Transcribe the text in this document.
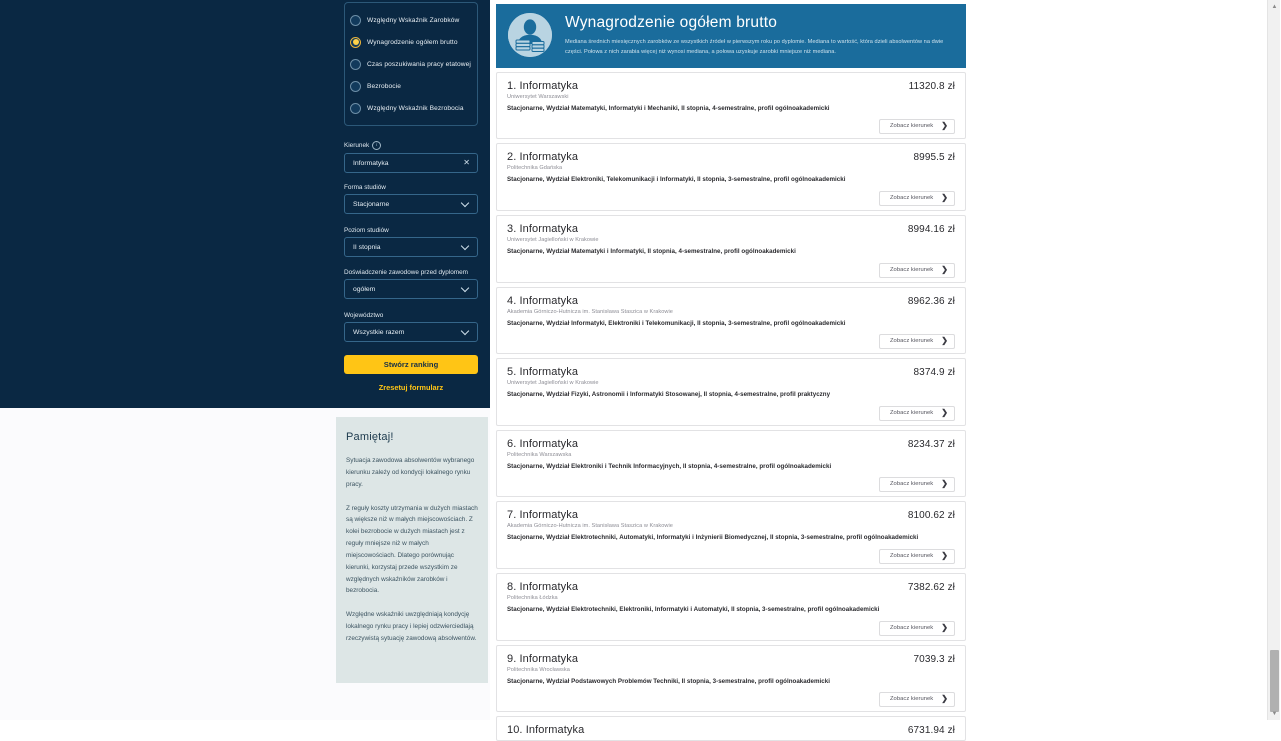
Względny Wskaźnik Zarobków
Wynagrodzenie ogółem brutto
Czas poszukiwania pracy etatowej
Bezrobocie
Względny Wskaźnik Bezrobocia
Kierunek	i
Informatyka	✕
Forma studiów
Stacjonarne
Poziom studiów
II stopnia
Doświadczenie zawodowe przed dyplomem
ogółem
Województwo
Wszystkie razem
Stwórz ranking
Zresetuj formularz
Pamiętaj!

Sytuacja zawodowa absolwentów wybranego kierunku zależy od kondycji lokalnego rynku pracy.

Z reguły koszty utrzymania w dużych miastach są większe niż w małych miejscowościach. Z kolei bezrobocie w dużych miastach jest z reguły mniejsze niż w małych miejscowościach. Dlatego porównując kierunki, korzystaj przede wszystkim ze względnych wskaźników zarobków i bezrobocia.

Względne wskaźniki uwzględniają kondycję lokalnego rynku pracy i lepiej odzwierciedlają rzeczywistą sytuację zawodową absolwentów.

Wynagrodzenie ogółem brutto
Mediana średnich miesięcznych zarobków ze wszystkich źródeł w pierwszym roku po dyplomie. Mediana to wartość, która dzieli absolwentów na dwie części. Połowa z nich zarabia więcej niż wynosi mediana, a połowa uzyskuje zarobki mniejsze niż mediana.
1. Informatyka	11320.8 zł
Uniwersytet Warszawski
Stacjonarne, Wydział Matematyki, Informatyki i Mechaniki, II stopnia, 4-semestralne, profil ogólnoakademicki
Zobacz kierunek ❯
2. Informatyka	8995.5 zł
Politechnika Gdańska
Stacjonarne, Wydział Elektroniki, Telekomunikacji i Informatyki, II stopnia, 3-semestralne, profil ogólnoakademicki
Zobacz kierunek ❯
3. Informatyka	8994.16 zł
Uniwersytet Jagielloński w Krakowie
Stacjonarne, Wydział Matematyki i Informatyki, II stopnia, 4-semestralne, profil ogólnoakademicki
Zobacz kierunek ❯
4. Informatyka	8962.36 zł
Akademia Górniczo-Hutnicza im. Stanisława Staszica w Krakowie
Stacjonarne, Wydział Informatyki, Elektroniki i Telekomunikacji, II stopnia, 3-semestralne, profil ogólnoakademicki
Zobacz kierunek ❯
5. Informatyka	8374.9 zł
Uniwersytet Jagielloński w Krakowie
Stacjonarne, Wydział Fizyki, Astronomii i Informatyki Stosowanej, II stopnia, 4-semestralne, profil praktyczny
Zobacz kierunek ❯
6. Informatyka	8234.37 zł
Politechnika Warszawska
Stacjonarne, Wydział Elektroniki i Technik Informacyjnych, II stopnia, 4-semestralne, profil ogólnoakademicki
Zobacz kierunek ❯
7. Informatyka	8100.62 zł
Akademia Górniczo-Hutnicza im. Stanisława Staszica w Krakowie
Stacjonarne, Wydział Elektrotechniki, Automatyki, Informatyki i Inżynierii Biomedycznej, II stopnia, 3-semestralne, profil ogólnoakademicki
Zobacz kierunek ❯
8. Informatyka	7382.62 zł
Politechnika Łódzka
Stacjonarne, Wydział Elektrotechniki, Elektroniki, Informatyki i Automatyki, II stopnia, 3-semestralne, profil ogólnoakademicki
Zobacz kierunek ❯
9. Informatyka	7039.3 zł
Politechnika Wrocławska
Stacjonarne, Wydział Podstawowych Problemów Techniki, II stopnia, 3-semestralne, profil ogólnoakademicki
Zobacz kierunek ❯
10. Informatyka	6731.94 zł
▲
▼
